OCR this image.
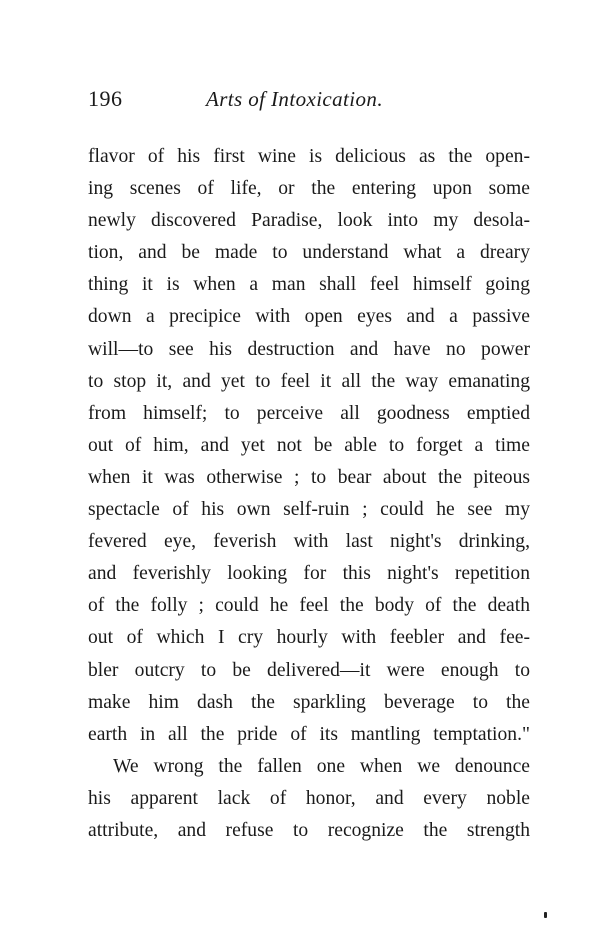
196	Arts of Intoxication.
flavor of his first wine is delicious as the open-
ing scenes of life, or the entering upon some
newly discovered Paradise, look into my desola-
tion, and be made to understand what a dreary
thing it is when a man shall feel himself going
down a precipice with open eyes and a passive
will—to see his destruction and have no power
to stop it, and yet to feel it all the way emanating
from himself; to perceive all goodness emptied
out of him, and yet not be able to forget a time
when it was otherwise ; to bear about the piteous
spectacle of his own self-ruin ; could he see my
fevered eye, feverish with last night's drinking,
and feverishly looking for this night's repetition
of the folly ; could he feel the body of the death
out of which I cry hourly with feebler and fee-
bler outcry to be delivered—it were enough to
make him dash the sparkling beverage to the
earth in all the pride of its mantling temptation."
We wrong the fallen one when we denounce
his apparent lack of honor, and every noble
attribute, and refuse to recognize the strength
